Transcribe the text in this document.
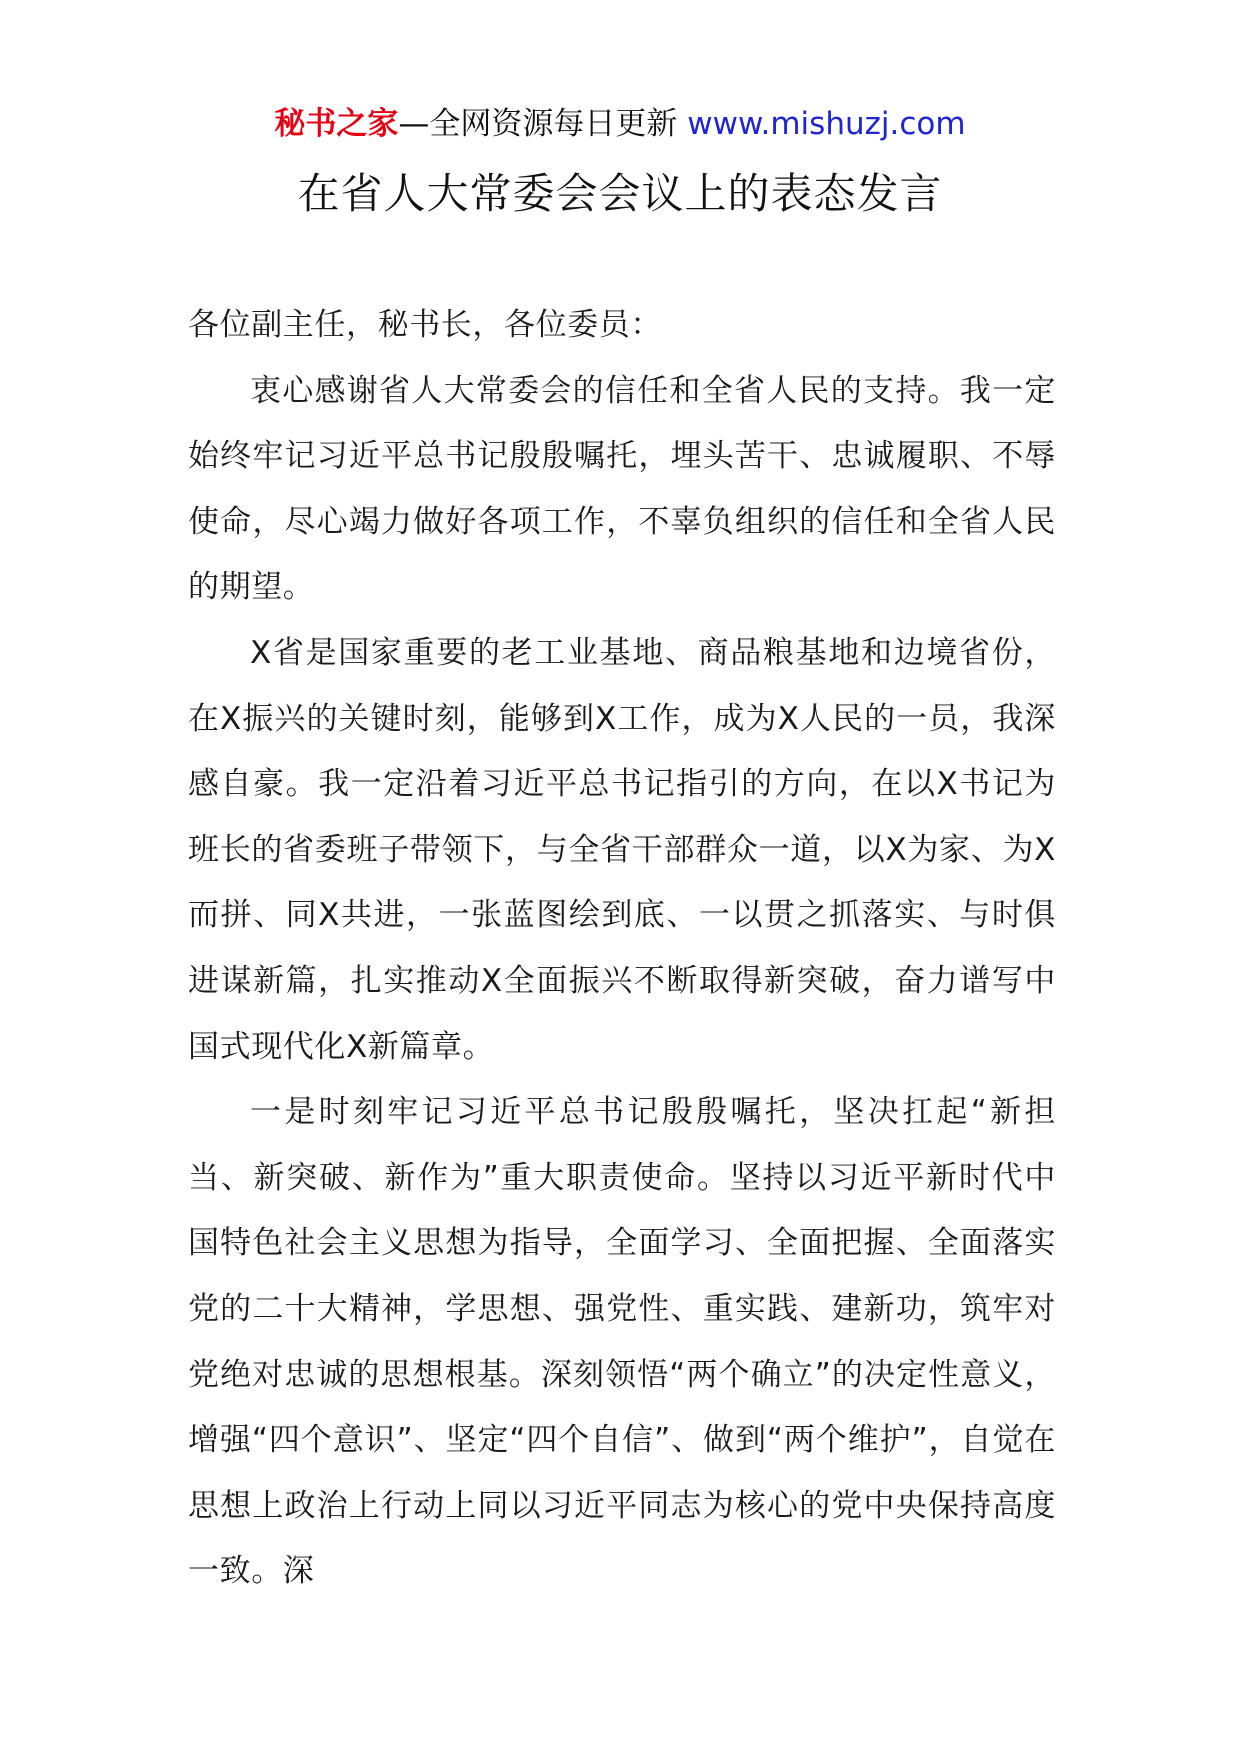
秘书之家—全网资源每日更新 www.mishuzj.com
在省人大常委会会议上的表态发言

各位副主任，秘书长，各位委员：

衷心感谢省人大常委会的信任和全省人民的支持。我一定始终牢记习近平总书记殷殷嘱托，埋头苦干、忠诚履职、不辱使命，尽心竭力做好各项工作，不辜负组织的信任和全省人民的期望。

X省是国家重要的老工业基地、商品粮基地和边境省份，在X振兴的关键时刻，能够到X工作，成为X人民的一员，我深感自豪。我一定沿着习近平总书记指引的方向，在以X书记为班长的省委班子带领下，与全省干部群众一道，以X为家、为X而拼、同X共进，一张蓝图绘到底、一以贯之抓落实、与时俱进谋新篇，扎实推动X全面振兴不断取得新突破，奋力谱写中国式现代化X新篇章。

一是时刻牢记习近平总书记殷殷嘱托，坚决扛起“新担当、新突破、新作为”重大职责使命。坚持以习近平新时代中国特色社会主义思想为指导，全面学习、全面把握、全面落实党的二十大精神，学思想、强党性、重实践、建新功，筑牢对党绝对忠诚的思想根基。深刻领悟“两个确立”的决定性意义，增强“四个意识”、坚定“四个自信”、做到“两个维护”，自觉在思想上政治上行动上同以习近平同志为核心的党中央保持高度一致。深
